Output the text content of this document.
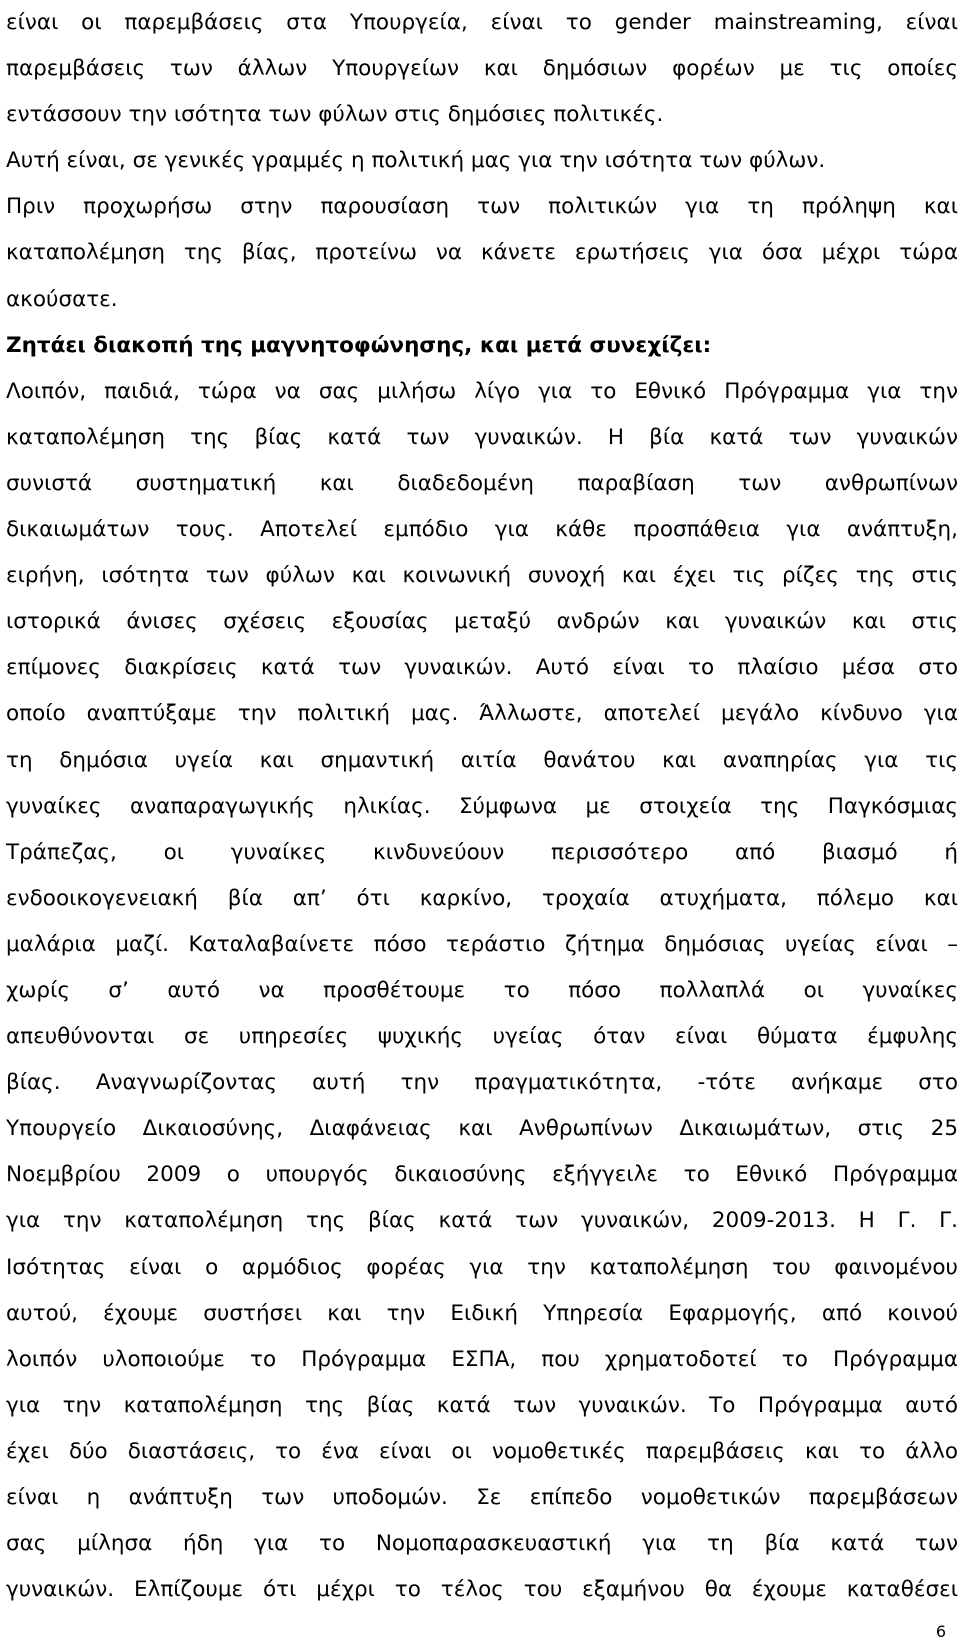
είναι οι παρεμβάσεις στα Υπουργεία, είναι το gender mainstreaming, είναι

παρεμβάσεις των άλλων Υπουργείων και δημόσιων φορέων με τις οποίες

εντάσσουν την ισότητα των φύλων στις δημόσιες πολιτικές.

Αυτή είναι, σε γενικές γραμμές η πολιτική μας για την ισότητα των φύλων.

Πριν προχωρήσω στην παρουσίαση των πολιτικών για τη πρόληψη και

καταπολέμηση της βίας, προτείνω να κάνετε ερωτήσεις για όσα μέχρι τώρα

ακούσατε.

Ζητάει διακοπή της μαγνητοφώνησης, και μετά συνεχίζει:

Λοιπόν, παιδιά, τώρα να σας μιλήσω λίγο για το Εθνικό Πρόγραμμα για την

καταπολέμηση της βίας κατά των γυναικών. Η βία κατά των γυναικών

συνιστά συστηματική και διαδεδομένη παραβίαση των ανθρωπίνων

δικαιωμάτων τους. Αποτελεί εμπόδιο για κάθε προσπάθεια για ανάπτυξη,

ειρήνη, ισότητα των φύλων και κοινωνική συνοχή και έχει τις ρίζες της στις

ιστορικά άνισες σχέσεις εξουσίας μεταξύ ανδρών και γυναικών και στις

επίμονες διακρίσεις κατά των γυναικών. Αυτό είναι το πλαίσιο μέσα στο

οποίο αναπτύξαμε την πολιτική μας. Άλλωστε, αποτελεί μεγάλο κίνδυνο για

τη δημόσια υγεία και σημαντική αιτία θανάτου και αναπηρίας για τις

γυναίκες αναπαραγωγικής ηλικίας. Σύμφωνα με στοιχεία της Παγκόσμιας

Τράπεζας, οι γυναίκες κινδυνεύουν περισσότερο από βιασμό ή

ενδοοικογενειακή βία απ’ ότι καρκίνο, τροχαία ατυχήματα, πόλεμο και

μαλάρια μαζί. Καταλαβαίνετε πόσο τεράστιο ζήτημα δημόσιας υγείας είναι –

χωρίς σ’ αυτό να προσθέτουμε το πόσο πολλαπλά οι γυναίκες

απευθύνονται σε υπηρεσίες ψυχικής υγείας όταν είναι θύματα έμφυλης

βίας. Αναγνωρίζοντας αυτή την πραγματικότητα, -τότε ανήκαμε στο

Υπουργείο Δικαιοσύνης, Διαφάνειας και Ανθρωπίνων Δικαιωμάτων, στις 25

Νοεμβρίου 2009 ο υπουργός δικαιοσύνης εξήγγειλε το Εθνικό Πρόγραμμα

για την καταπολέμηση της βίας κατά των γυναικών, 2009-2013. Η Γ. Γ.

Ισότητας είναι ο αρμόδιος φορέας για την καταπολέμηση του φαινομένου

αυτού, έχουμε συστήσει και την Ειδική Υπηρεσία Εφαρμογής, από κοινού

λοιπόν υλοποιούμε το Πρόγραμμα ΕΣΠΑ, που χρηματοδοτεί το Πρόγραμμα

για την καταπολέμηση της βίας κατά των γυναικών. Το Πρόγραμμα αυτό

έχει δύο διαστάσεις, το ένα είναι οι νομοθετικές παρεμβάσεις και το άλλο

είναι η ανάπτυξη των υποδομών. Σε επίπεδο νομοθετικών παρεμβάσεων

σας μίλησα ήδη για το Νομοπαρασκευαστική για τη βία κατά των

γυναικών. Ελπίζουμε ότι μέχρι το τέλος του εξαμήνου θα έχουμε καταθέσει

6
